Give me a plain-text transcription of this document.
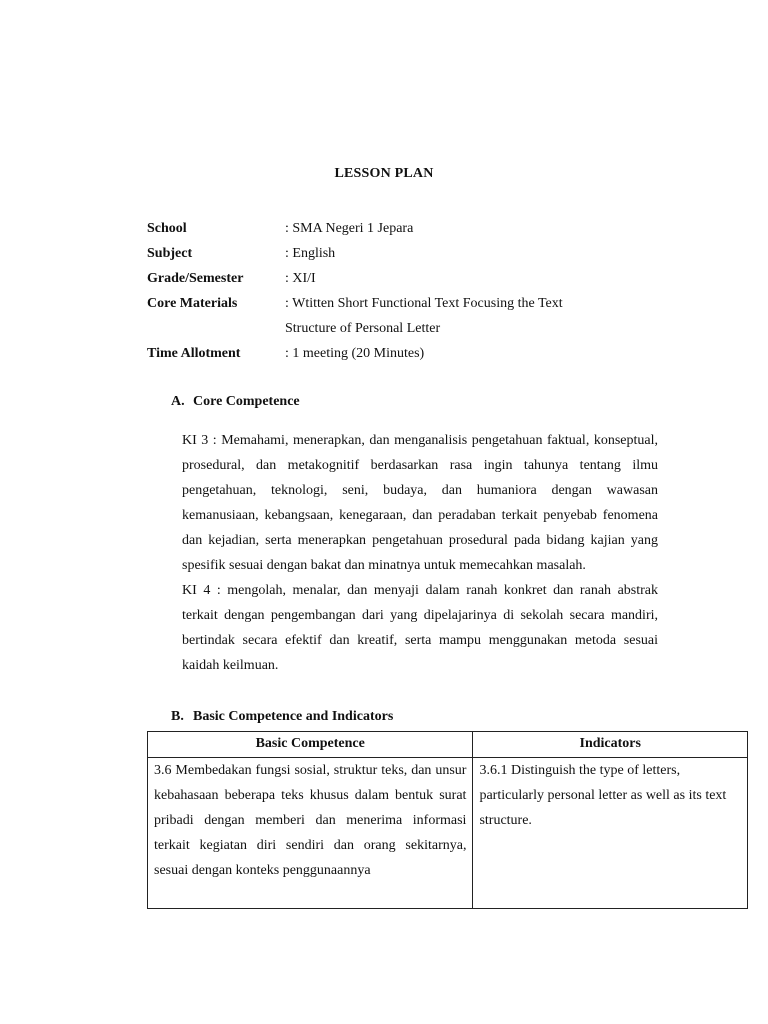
LESSON PLAN
School	: SMA Negeri 1 Jepara
Subject	: English
Grade/Semester	: XI/I
Core Materials	: Wtitten Short Functional Text Focusing the Text
Structure of Personal Letter
Time Allotment	: 1 meeting (20 Minutes)
A. Core Competence

KI 3 : Memahami, menerapkan, dan menganalisis pengetahuan faktual, konseptual, prosedural, dan metakognitif berdasarkan rasa ingin tahunya tentang ilmu pengetahuan, teknologi, seni, budaya, dan humaniora dengan wawasan kemanusiaan, kebangsaan, kenegaraan, dan peradaban terkait penyebab fenomena dan kejadian, serta menerapkan pengetahuan prosedural pada bidang kajian yang spesifik sesuai dengan bakat dan minatnya untuk memecahkan masalah.

KI 4 : mengolah, menalar, dan menyaji dalam ranah konkret dan ranah abstrak terkait dengan pengembangan dari yang dipelajarinya di sekolah secara mandiri, bertindak secara efektif dan kreatif, serta mampu menggunakan metoda sesuai kaidah keilmuan.

B. Basic Competence and Indicators
Basic Competence	Indicators
3.6 Membedakan fungsi sosial, struktur teks, dan unsur kebahasaan beberapa teks khusus dalam bentuk surat pribadi dengan memberi dan menerima informasi terkait kegiatan diri sendiri dan orang sekitarnya, sesuai dengan konteks penggunaannya	3.6.1 Distinguish the type of letters, particularly personal letter as well as its text structure.
